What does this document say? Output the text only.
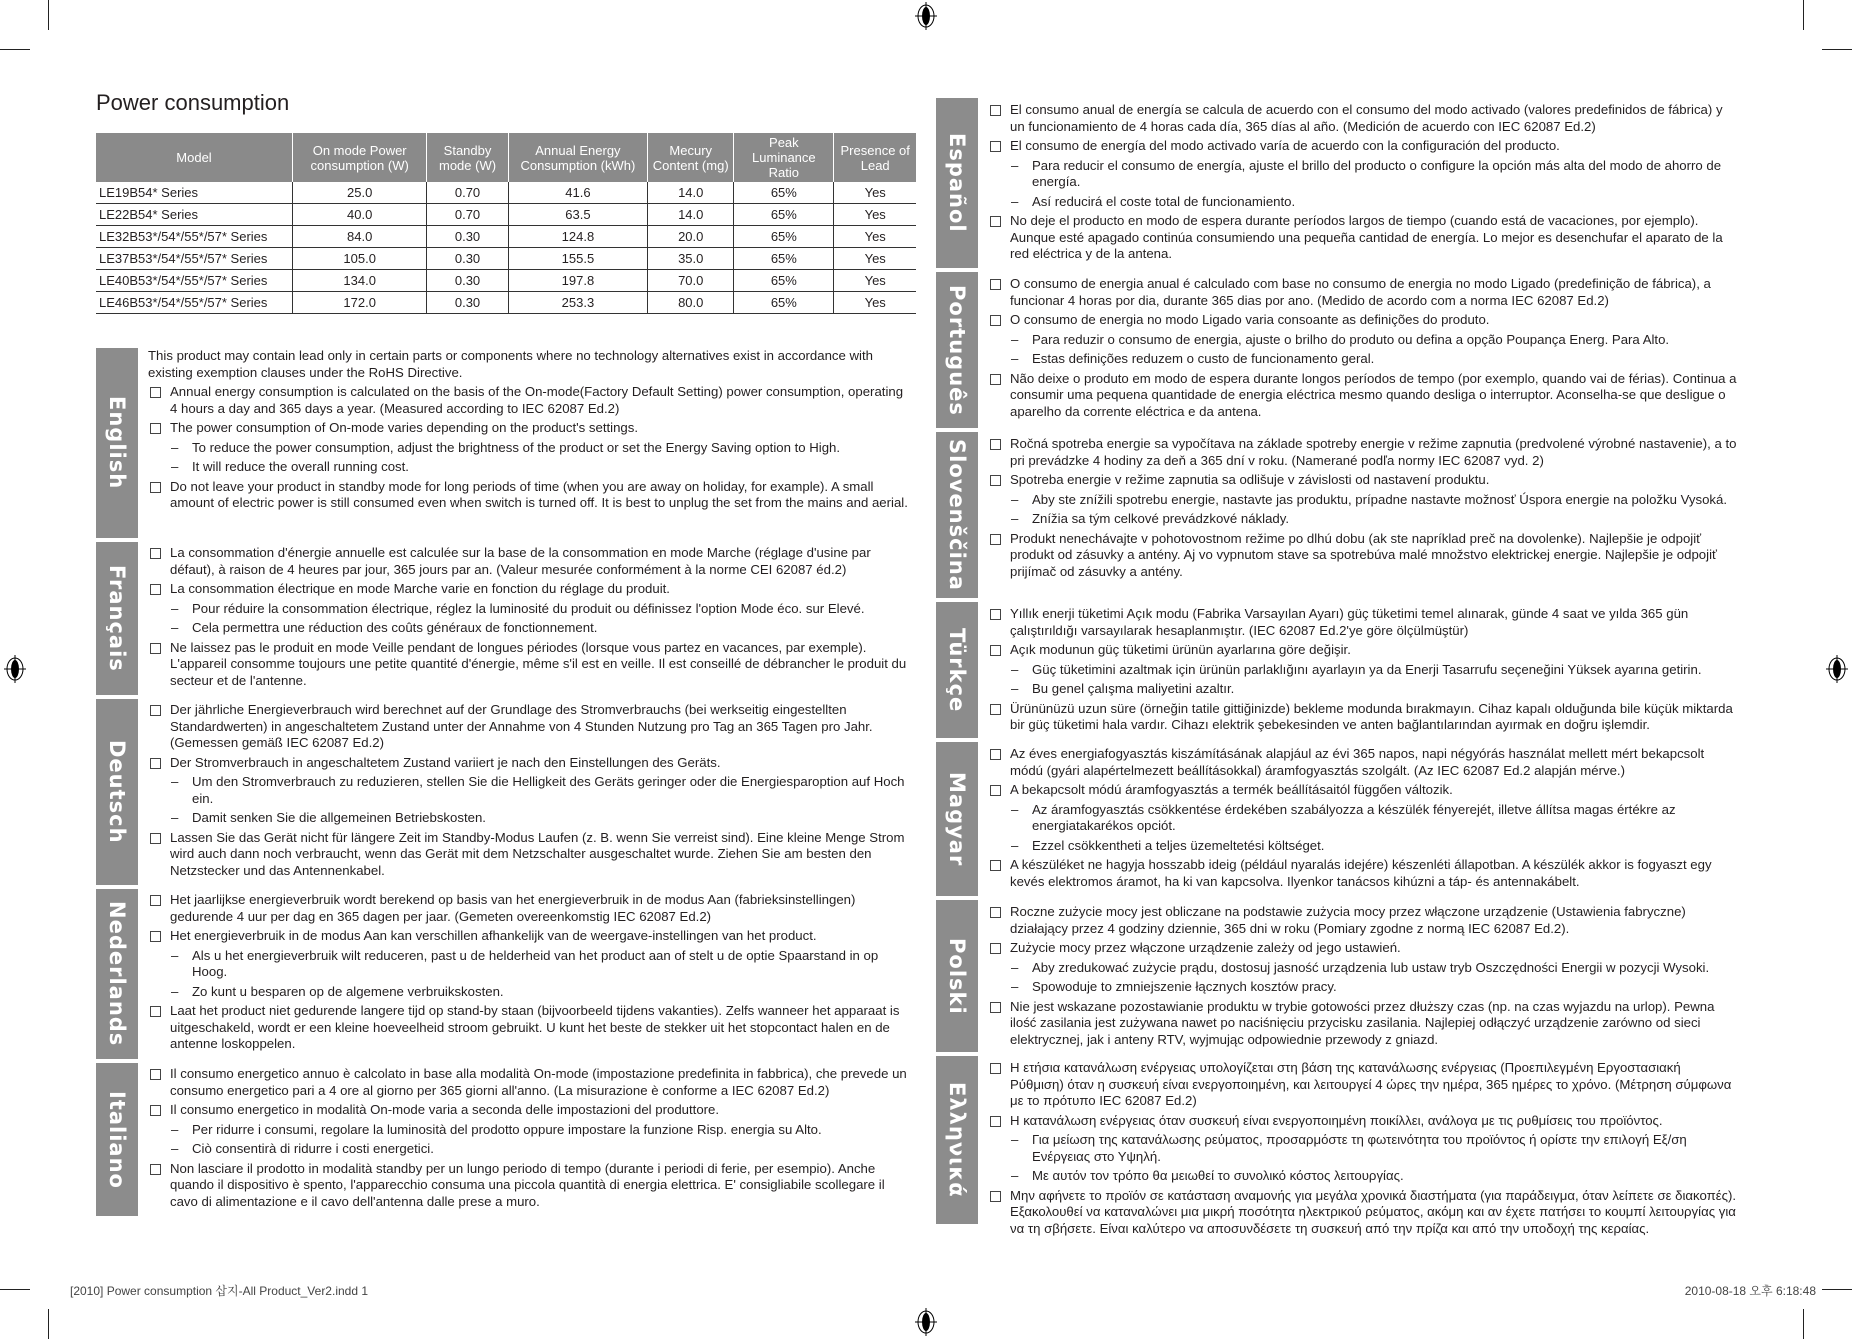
Power consumption
Model	On mode Power consumption (W)	Standby mode (W)	Annual Energy Consumption (kWh)	Mecury Content (mg)	Peak Luminance Ratio	Presence of Lead
LE19B54* Series	25.0	0.70	41.6	14.0	65%	Yes
LE22B54* Series	40.0	0.70	63.5	14.0	65%	Yes
LE32B53*/54*/55*/57* Series	84.0	0.30	124.8	20.0	65%	Yes
LE37B53*/54*/55*/57* Series	105.0	0.30	155.5	35.0	65%	Yes
LE40B53*/54*/55*/57* Series	134.0	0.30	197.8	70.0	65%	Yes
LE46B53*/54*/55*/57* Series	172.0	0.30	253.3	80.0	65%	Yes
English

This product may contain lead only in certain parts or components where no technology alternatives exist in accordance with existing exemption clauses under the RoHS Directive.

Annual energy consumption is calculated on the basis of the On-mode(Factory Default Setting) power consumption, operating 4 hours a day and 365 days a year. (Measured according to IEC 62087 Ed.2)

The power consumption of On-mode varies depending on the product's settings.

– To reduce the power consumption, adjust the brightness of the product or set the Energy Saving option to High.

– It will reduce the overall running cost.

Do not leave your product in standby mode for long periods of time (when you are away on holiday, for example). A small amount of electric power is still consumed even when switch is turned off. It is best to unplug the set from the mains and aerial.

Français

La consommation d'énergie annuelle est calculée sur la base de la consommation en mode Marche (réglage d'usine par défaut), à raison de 4 heures par jour, 365 jours par an. (Valeur mesurée conformément à la norme CEI 62087 éd.2)

La consommation électrique en mode Marche varie en fonction du réglage du produit.

– Pour réduire la consommation électrique, réglez la luminosité du produit ou définissez l'option Mode éco. sur Elevé.

– Cela permettra une réduction des coûts généraux de fonctionnement.

Ne laissez pas le produit en mode Veille pendant de longues périodes (lorsque vous partez en vacances, par exemple). L'appareil consomme toujours une petite quantité d'énergie, même s'il est en veille. Il est conseillé de débrancher le produit du secteur et de l'antenne.

Deutsch

Der jährliche Energieverbrauch wird berechnet auf der Grundlage des Stromverbrauchs (bei werkseitig eingestellten Standardwerten) in angeschaltetem Zustand unter der Annahme von 4 Stunden Nutzung pro Tag an 365 Tagen pro Jahr. (Gemessen gemäß IEC 62087 Ed.2)

Der Stromverbrauch in angeschaltetem Zustand variiert je nach den Einstellungen des Geräts.

– Um den Stromverbrauch zu reduzieren, stellen Sie die Helligkeit des Geräts geringer oder die Energiesparoption auf Hoch ein.

– Damit senken Sie die allgemeinen Betriebskosten.

Lassen Sie das Gerät nicht für längere Zeit im Standby-Modus Laufen (z. B. wenn Sie verreist sind). Eine kleine Menge Strom wird auch dann noch verbraucht, wenn das Gerät mit dem Netzschalter ausgeschaltet wurde. Ziehen Sie am besten den Netzstecker und das Antennenkabel.

Nederlands

Het jaarlijkse energieverbruik wordt berekend op basis van het energieverbruik in de modus Aan (fabrieksinstellingen) gedurende 4 uur per dag en 365 dagen per jaar. (Gemeten overeenkomstig IEC 62087 Ed.2)

Het energieverbruik in de modus Aan kan verschillen afhankelijk van de weergave-instellingen van het product.

– Als u het energieverbruik wilt reduceren, past u de helderheid van het product aan of stelt u de optie Spaarstand in op Hoog.

– Zo kunt u besparen op de algemene verbruikskosten.

Laat het product niet gedurende langere tijd op stand-by staan (bijvoorbeeld tijdens vakanties). Zelfs wanneer het apparaat is uitgeschakeld, wordt er een kleine hoeveelheid stroom gebruikt. U kunt het beste de stekker uit het stopcontact halen en de antenne loskoppelen.

Italiano

Il consumo energetico annuo è calcolato in base alla modalità On-mode (impostazione predefinita in fabbrica), che prevede un consumo energetico pari a 4 ore al giorno per 365 giorni all'anno. (La misurazione è conforme a IEC 62087 Ed.2)

Il consumo energetico in modalità On-mode varia a seconda delle impostazioni del produttore.

– Per ridurre i consumi, regolare la luminosità del prodotto oppure impostare la funzione Risp. energia su Alto.

– Ciò consentirà di ridurre i costi energetici.

Non lasciare il prodotto in modalità standby per un lungo periodo di tempo (durante i periodi di ferie, per esempio). Anche quando il dispositivo è spento, l'apparecchio consuma una piccola quantità di energia elettrica. E' consigliabile scollegare il cavo di alimentazione e il cavo dell'antenna dalle prese a muro.

Español

El consumo anual de energía se calcula de acuerdo con el consumo del modo activado (valores predefinidos de fábrica) y un funcionamiento de 4 horas cada día, 365 días al año. (Medición de acuerdo con IEC 62087 Ed.2)

El consumo de energía del modo activado varía de acuerdo con la configuración del producto.

– Para reducir el consumo de energía, ajuste el brillo del producto o configure la opción más alta del modo de ahorro de energía.

– Así reducirá el coste total de funcionamiento.

No deje el producto en modo de espera durante períodos largos de tiempo (cuando está de vacaciones, por ejemplo). Aunque esté apagado continúa consumiendo una pequeña cantidad de energía. Lo mejor es desenchufar el aparato de la red eléctrica y de la antena.

Português

O consumo de energia anual é calculado com base no consumo de energia no modo Ligado (predefinição de fábrica), a funcionar 4 horas por dia, durante 365 dias por ano. (Medido de acordo com a norma IEC 62087 Ed.2)

O consumo de energia no modo Ligado varia consoante as definições do produto.

– Para reduzir o consumo de energia, ajuste o brilho do produto ou defina a opção Poupança Energ. Para Alto.

– Estas definições reduzem o custo de funcionamento geral.

Não deixe o produto em modo de espera durante longos períodos de tempo (por exemplo, quando vai de férias). Continua a consumir uma pequena quantidade de energia eléctrica mesmo quando desliga o interruptor. Aconselha-se que desligue o aparelho da corrente eléctrica e da antena.

Slovenščina	Ročná spotreba energie sa vypočítava na základe spotreby energie v režime zapnutia (predvolené výrobné nastavenie), a to pri prevádzke 4 hodiny za deň a 365 dní v roku. (Namerané podľa normy IEC 62087 vyd. 2)

Spotreba energie v režime zapnutia sa odlišuje v závislosti od nastavení produktu.

– Aby ste znížili spotrebu energie, nastavte jas produktu, prípadne nastavte možnosť Úspora energie na položku Vysoká.

– Znížia sa tým celkové prevádzkové náklady.

Produkt nenechávajte v pohotovostnom režime po dlhú dobu (ak ste napríklad preč na dovolenke). Najlepšie je odpojiť produkt od zásuvky a antény. Aj vo vypnutom stave sa spotrebúva malé množstvo elektrickej energie. Najlepšie je odpojiť prijímač od zásuvky a antény.

Türkçe

Yıllık enerji tüketimi Açık modu (Fabrika Varsayılan Ayarı) güç tüketimi temel alınarak, günde 4 saat ve yılda 365 gün çalıştırıldığı varsayılarak hesaplanmıştır. (IEC 62087 Ed.2'ye göre ölçülmüştür)

Açık modunun güç tüketimi ürünün ayarlarına göre değişir.

– Güç tüketimini azaltmak için ürünün parlaklığını ayarlayın ya da Enerji Tasarrufu seçeneğini Yüksek ayarına getirin.

– Bu genel çalışma maliyetini azaltır.

Ürününüzü uzun süre (örneğin tatile gittiğinizde) bekleme modunda bırakmayın. Cihaz kapalı olduğunda bile küçük miktarda bir güç tüketimi hala vardır. Cihazı elektrik şebekesinden ve anten bağlantılarından ayırmak en doğru işlemdir.

Magyar

Az éves energiafogyasztás kiszámításának alapjául az évi 365 napos, napi négyórás használat mellett mért bekapcsolt módú (gyári alapértelmezett beállításokkal) áramfogyasztás szolgált. (Az IEC 62087 Ed.2 alapján mérve.)

A bekapcsolt módú áramfogyasztás a termék beállításaitól függően változik.

– Az áramfogyasztás csökkentése érdekében szabályozza a készülék fényerejét, illetve állítsa magas értékre az energiatakarékos opciót.

– Ezzel csökkentheti a teljes üzemeltetési költséget.

A készüléket ne hagyja hosszabb ideig (például nyaralás idejére) készenléti állapotban. A készülék akkor is fogyaszt egy kevés elektromos áramot, ha ki van kapcsolva. Ilyenkor tanácsos kihúzni a táp- és antennakábelt.

Polski

Roczne zużycie mocy jest obliczane na podstawie zużycia mocy przez włączone urządzenie (Ustawienia fabryczne) działający przez 4 godziny dziennie, 365 dni w roku (Pomiary zgodne z normą IEC 62087 Ed.2).

Zużycie mocy przez włączone urządzenie zależy od jego ustawień.

– Aby zredukować zużycie prądu, dostosuj jasność urządzenia lub ustaw tryb Oszczędności Energii w pozycji Wysoki.

– Spowoduje to zmniejszenie łącznych kosztów pracy.

Nie jest wskazane pozostawianie produktu w trybie gotowości przez dłuższy czas (np. na czas wyjazdu na urlop). Pewna ilość zasilania jest zużywana nawet po naciśnięciu przycisku zasilania. Najlepiej odłączyć urządzenie zarówno od sieci elektrycznej, jak i anteny RTV, wyjmując odpowiednie przewody z gniazd.

Ελληνικά

Η ετήσια κατανάλωση ενέργειας υπολογίζεται στη βάση της κατανάλωσης ενέργειας (Προεπιλεγμένη Εργοστασιακή Ρύθμιση) όταν η συσκευή είναι ενεργοποιημένη, και λειτουργεί 4 ώρες την ημέρα, 365 ημέρες το χρόνο. (Μέτρηση σύμφωνα με το πρότυπο IEC 62087 Ed.2)

Η κατανάλωση ενέργειας όταν συσκευή είναι ενεργοποιημένη ποικίλλει, ανάλογα με τις ρυθμίσεις του προϊόντος.

– Για μείωση της κατανάλωσης ρεύματος, προσαρμόστε τη φωτεινότητα του προϊόντος ή ορίστε την επιλογή Εξ/ση Ενέργειας στο Υψηλή.

– Με αυτόν τον τρόπο θα μειωθεί το συνολικό κόστος λειτουργίας.

Μην αφήνετε το προϊόν σε κατάσταση αναμονής για μεγάλα χρονικά διαστήματα (για παράδειγμα, όταν λείπετε σε διακοπές). Εξακολουθεί να καταναλώνει μια μικρή ποσότητα ηλεκτρικού ρεύματος, ακόμη και αν έχετε πατήσει το κουμπί λειτουργίας για να τη σβήσετε. Είναι καλύτερο να αποσυνδέσετε τη συσκευή από την πρίζα και από την υποδοχή της κεραίας.

[2010] Power consumption 삽지-All Product_Ver2.indd 1	2010-08-18 오후 6:18:48
